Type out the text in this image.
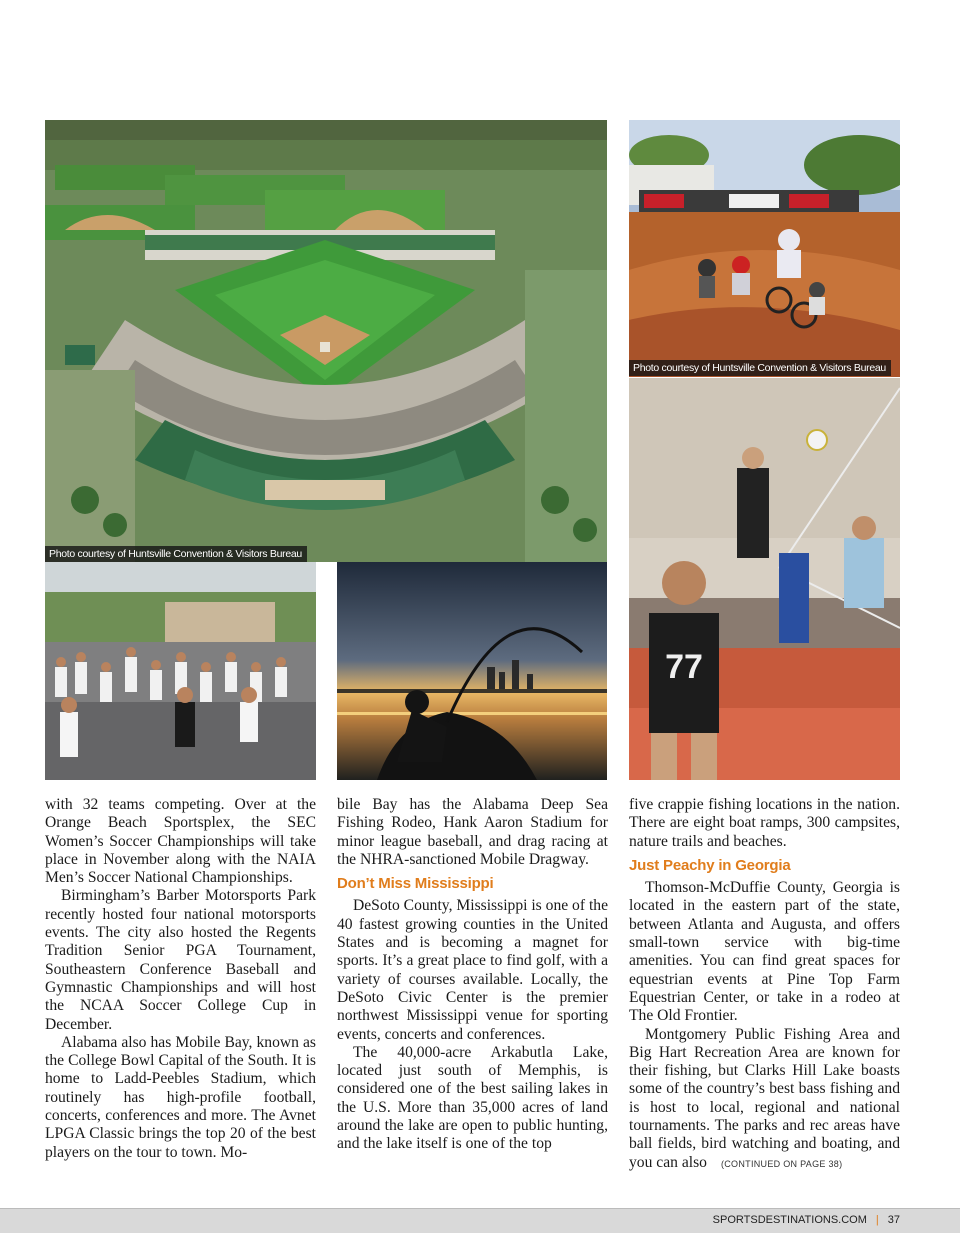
Photo courtesy of Huntsville Convention & Visitors Bureau
Photo courtesy of Huntsville Convention & Visitors Bureau
77

with 32 teams competing. Over at the Orange Beach Sportsplex, the SEC Women’s Soccer Championships will take place in November along with the NAIA Men’s Soccer National Championships.

Birmingham’s Barber Motorsports Park recently hosted four national motorsports events. The city also hosted the Regents Tradition Senior PGA Tournament, Southeastern Conference Baseball and Gymnastic Championships and will host the NCAA Soccer College Cup in December.

Alabama also has Mobile Bay, known as the College Bowl Capital of the South. It is home to Ladd-Peebles Stadium, which routinely has high-profile football, concerts, conferences and more. The Avnet LPGA Classic brings the top 20 of the best players on the tour to town. Mo-

bile Bay has the Alabama Deep Sea Fishing Rodeo, Hank Aaron Stadium for minor league baseball, and drag racing at the NHRA-sanctioned Mobile Dragway.

Don’t Miss Mississippi

DeSoto County, Mississippi is one of the 40 fastest growing counties in the United States and is becoming a magnet for sports. It’s a great place to find golf, with a variety of courses available. Locally, the DeSoto Civic Center is the premier northwest Mississippi venue for sporting events, concerts and conferences.

The 40,000-acre Arkabutla Lake, located just south of Memphis, is considered one of the best sailing lakes in the U.S. More than 35,000 acres of land around the lake are open to public hunting, and the lake itself is one of the top

five crappie fishing locations in the nation. There are eight boat ramps, 300 campsites, nature trails and beaches.

Just Peachy in Georgia

Thomson-McDuffie County, Georgia is located in the eastern part of the state, between Atlanta and Augusta, and offers small-town service with big-time amenities. You can find great spaces for equestrian events at Pine Top Farm Equestrian Center, or take in a rodeo at The Old Frontier.

Montgomery Public Fishing Area and Big Hart Recreation Area are known for their fishing, but Clarks Hill Lake boasts some of the country’s best bass fishing and is host to local, regional and national tournaments. The parks and rec areas have ball fields, bird watching and boating, and you can also (CONTINUED ON PAGE 38)

SPORTSDESTINATIONS.COM | 37
